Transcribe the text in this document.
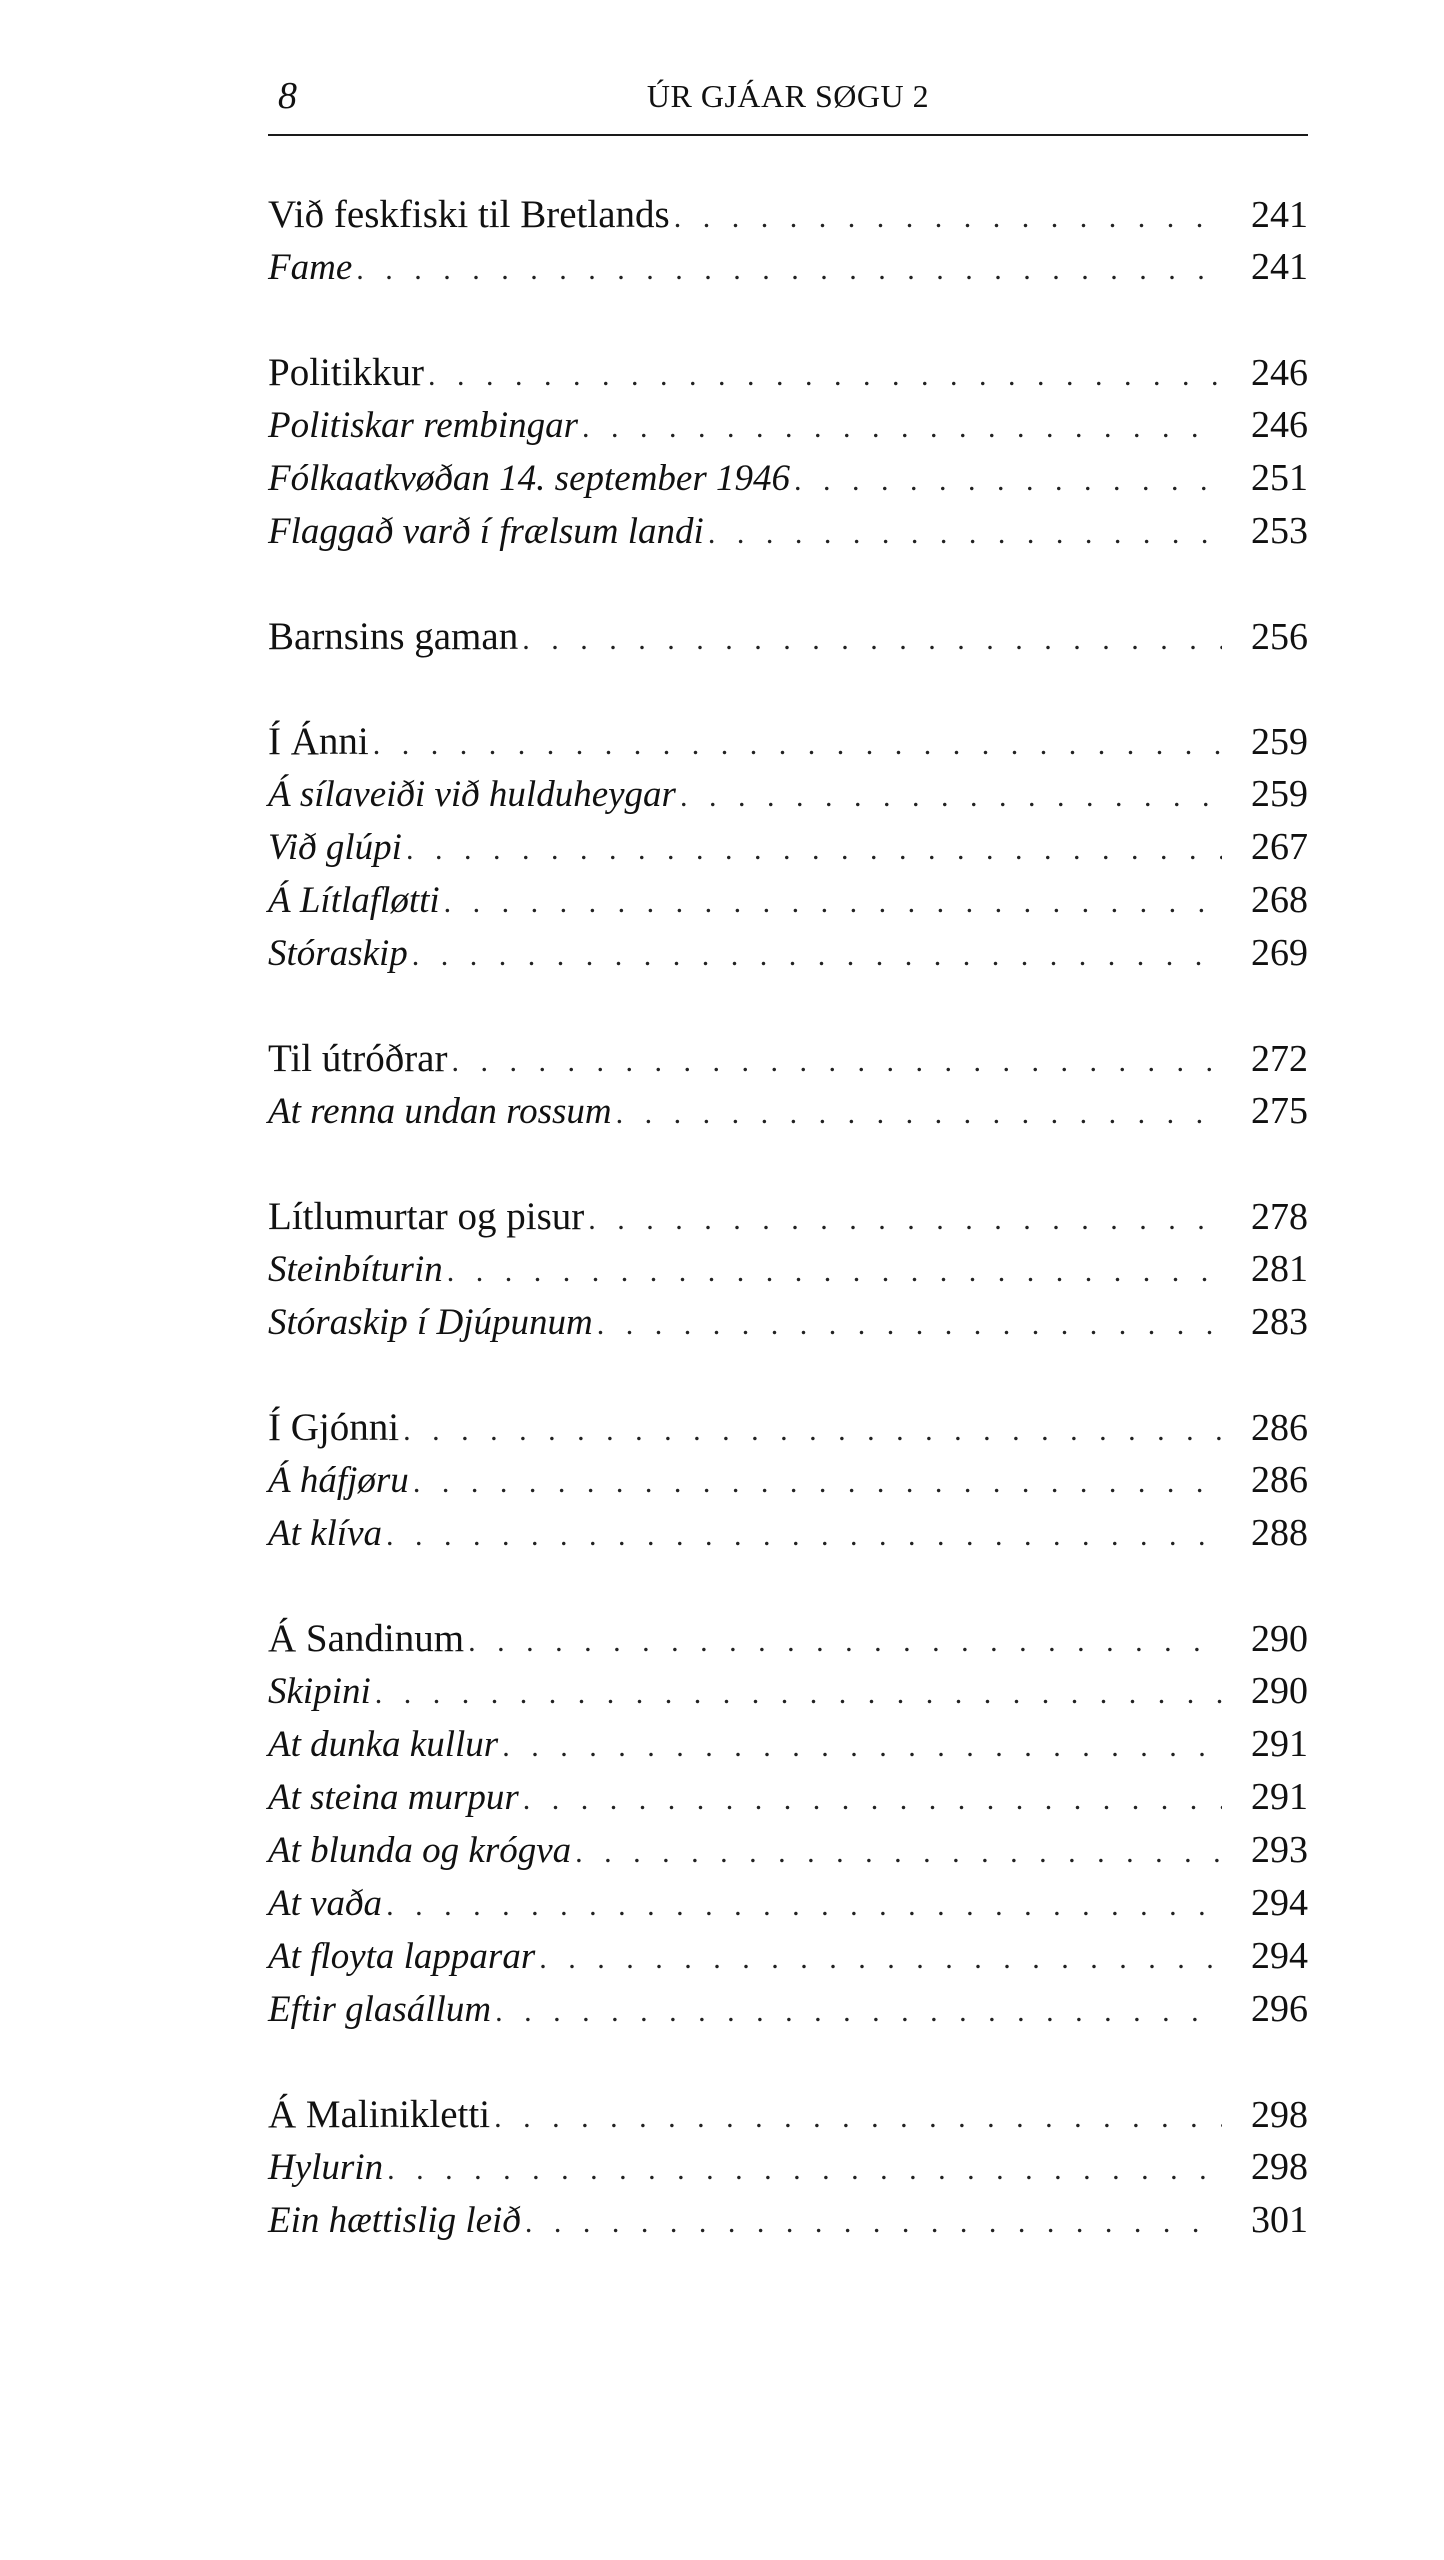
8	ÚR GJÁAR SØGU 2
Við feskfiski til Bretlands . . .	241
Fame . . .	241
Politikkur . . .	246
Politiskar rembingar . . .	246
Fólkaatkvøðan 14. september 1946 . . .	251
Flaggað varð í frælsum landi . . .	253
Barnsins gaman . . .	256
Í Ánni . . .	259
Á sílaveiði við hulduheygar . . .	259
Við glúpi . . .	267
Á Lítlafløtti . . .	268
Stóraskip . . .	269
Til útróðrar . . .	272
At renna undan rossum . . .	275
Lítlumurtar og pisur . . .	278
Steinbíturin . . .	281
Stóraskip í Djúpunum . . .	283
Í Gjónni . . .	286
Á háfjøru . . .	286
At klíva . . .	288
Á Sandinum . . .	290
Skipini . . .	290
At dunka kullur . . .	291
At steina murpur . . .	291
At blunda og krógva . . .	293
At vaða . . .	294
At floyta lapparar . . .	294
Eftir glasállum . . .	296
Á Malinikletti . . .	298
Hylurin . . .	298
Ein hættislig leið . . .	301
